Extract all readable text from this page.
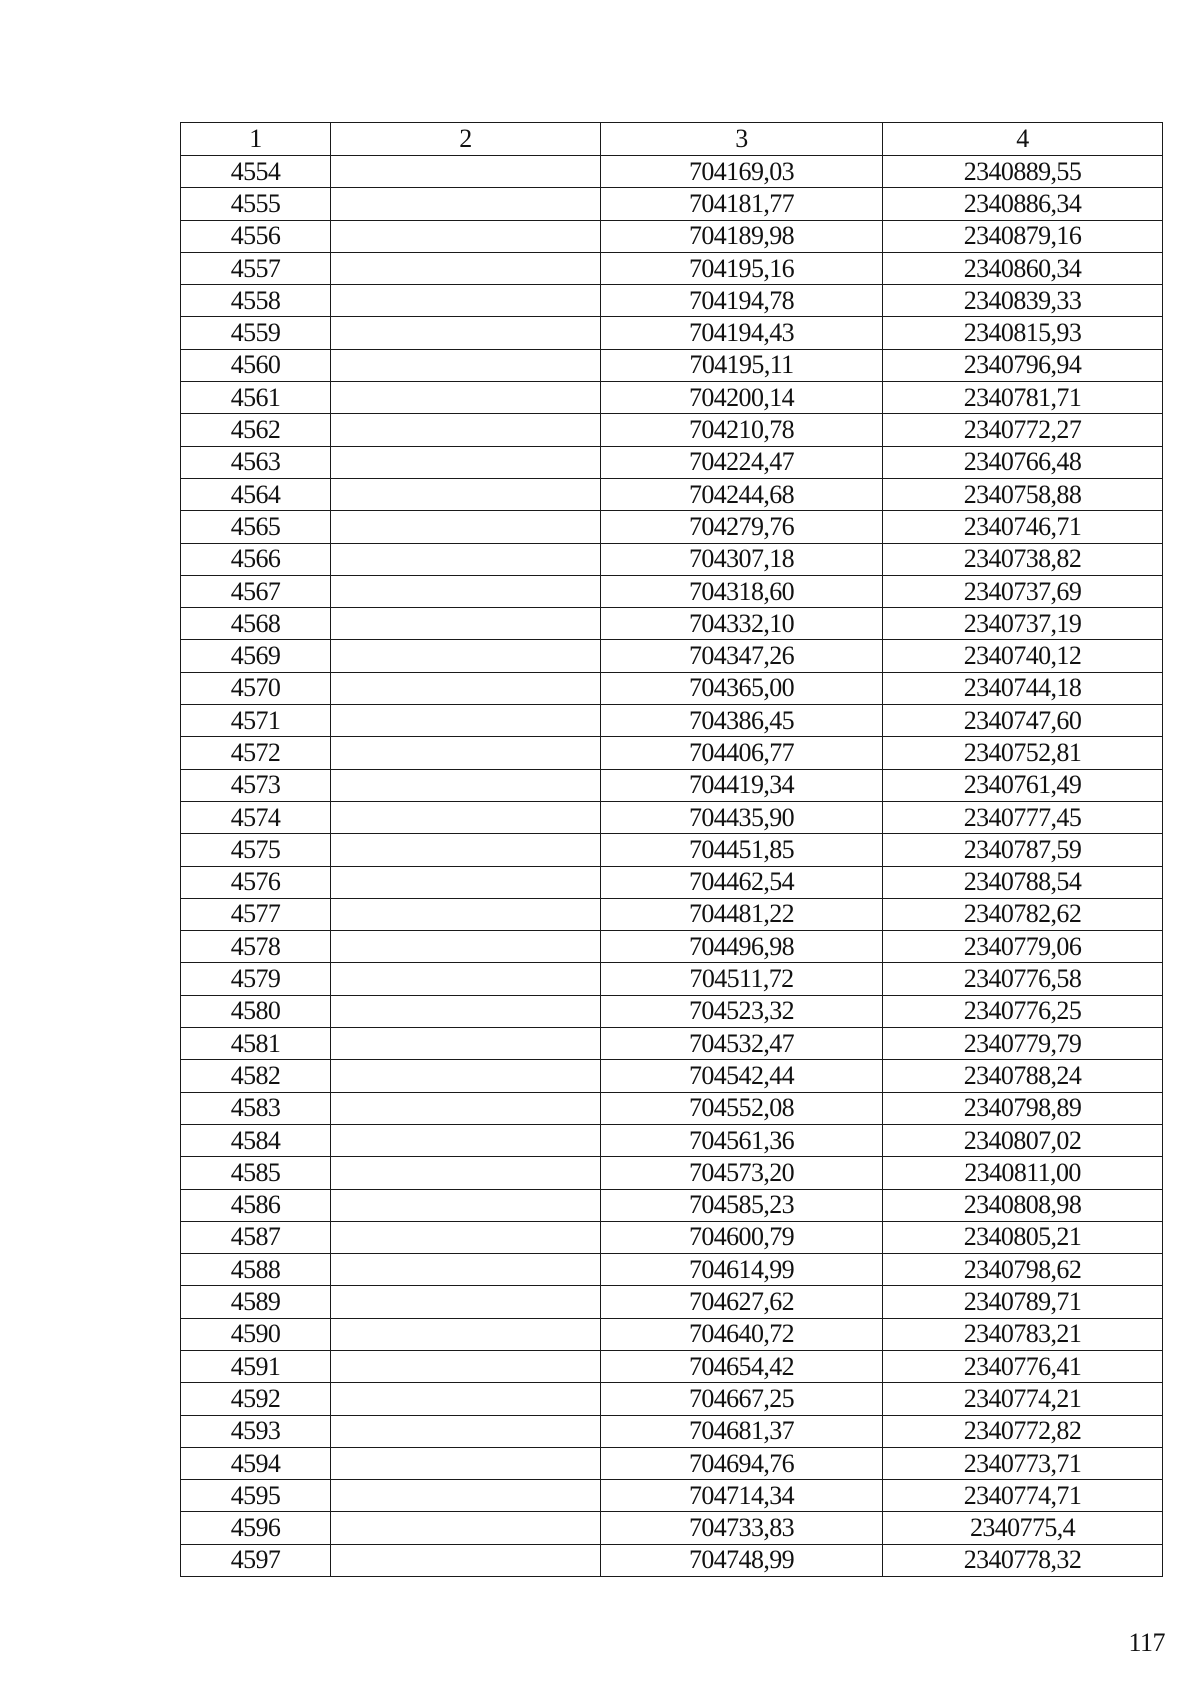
1	2	3	4
4554		704169,03	2340889,55
4555		704181,77	2340886,34
4556		704189,98	2340879,16
4557		704195,16	2340860,34
4558		704194,78	2340839,33
4559		704194,43	2340815,93
4560		704195,11	2340796,94
4561		704200,14	2340781,71
4562		704210,78	2340772,27
4563		704224,47	2340766,48
4564		704244,68	2340758,88
4565		704279,76	2340746,71
4566		704307,18	2340738,82
4567		704318,60	2340737,69
4568		704332,10	2340737,19
4569		704347,26	2340740,12
4570		704365,00	2340744,18
4571		704386,45	2340747,60
4572		704406,77	2340752,81
4573		704419,34	2340761,49
4574		704435,90	2340777,45
4575		704451,85	2340787,59
4576		704462,54	2340788,54
4577		704481,22	2340782,62
4578		704496,98	2340779,06
4579		704511,72	2340776,58
4580		704523,32	2340776,25
4581		704532,47	2340779,79
4582		704542,44	2340788,24
4583		704552,08	2340798,89
4584		704561,36	2340807,02
4585		704573,20	2340811,00
4586		704585,23	2340808,98
4587		704600,79	2340805,21
4588		704614,99	2340798,62
4589		704627,62	2340789,71
4590		704640,72	2340783,21
4591		704654,42	2340776,41
4592		704667,25	2340774,21
4593		704681,37	2340772,82
4594		704694,76	2340773,71
4595		704714,34	2340774,71
4596		704733,83	2340775,4
4597		704748,99	2340778,32
117
